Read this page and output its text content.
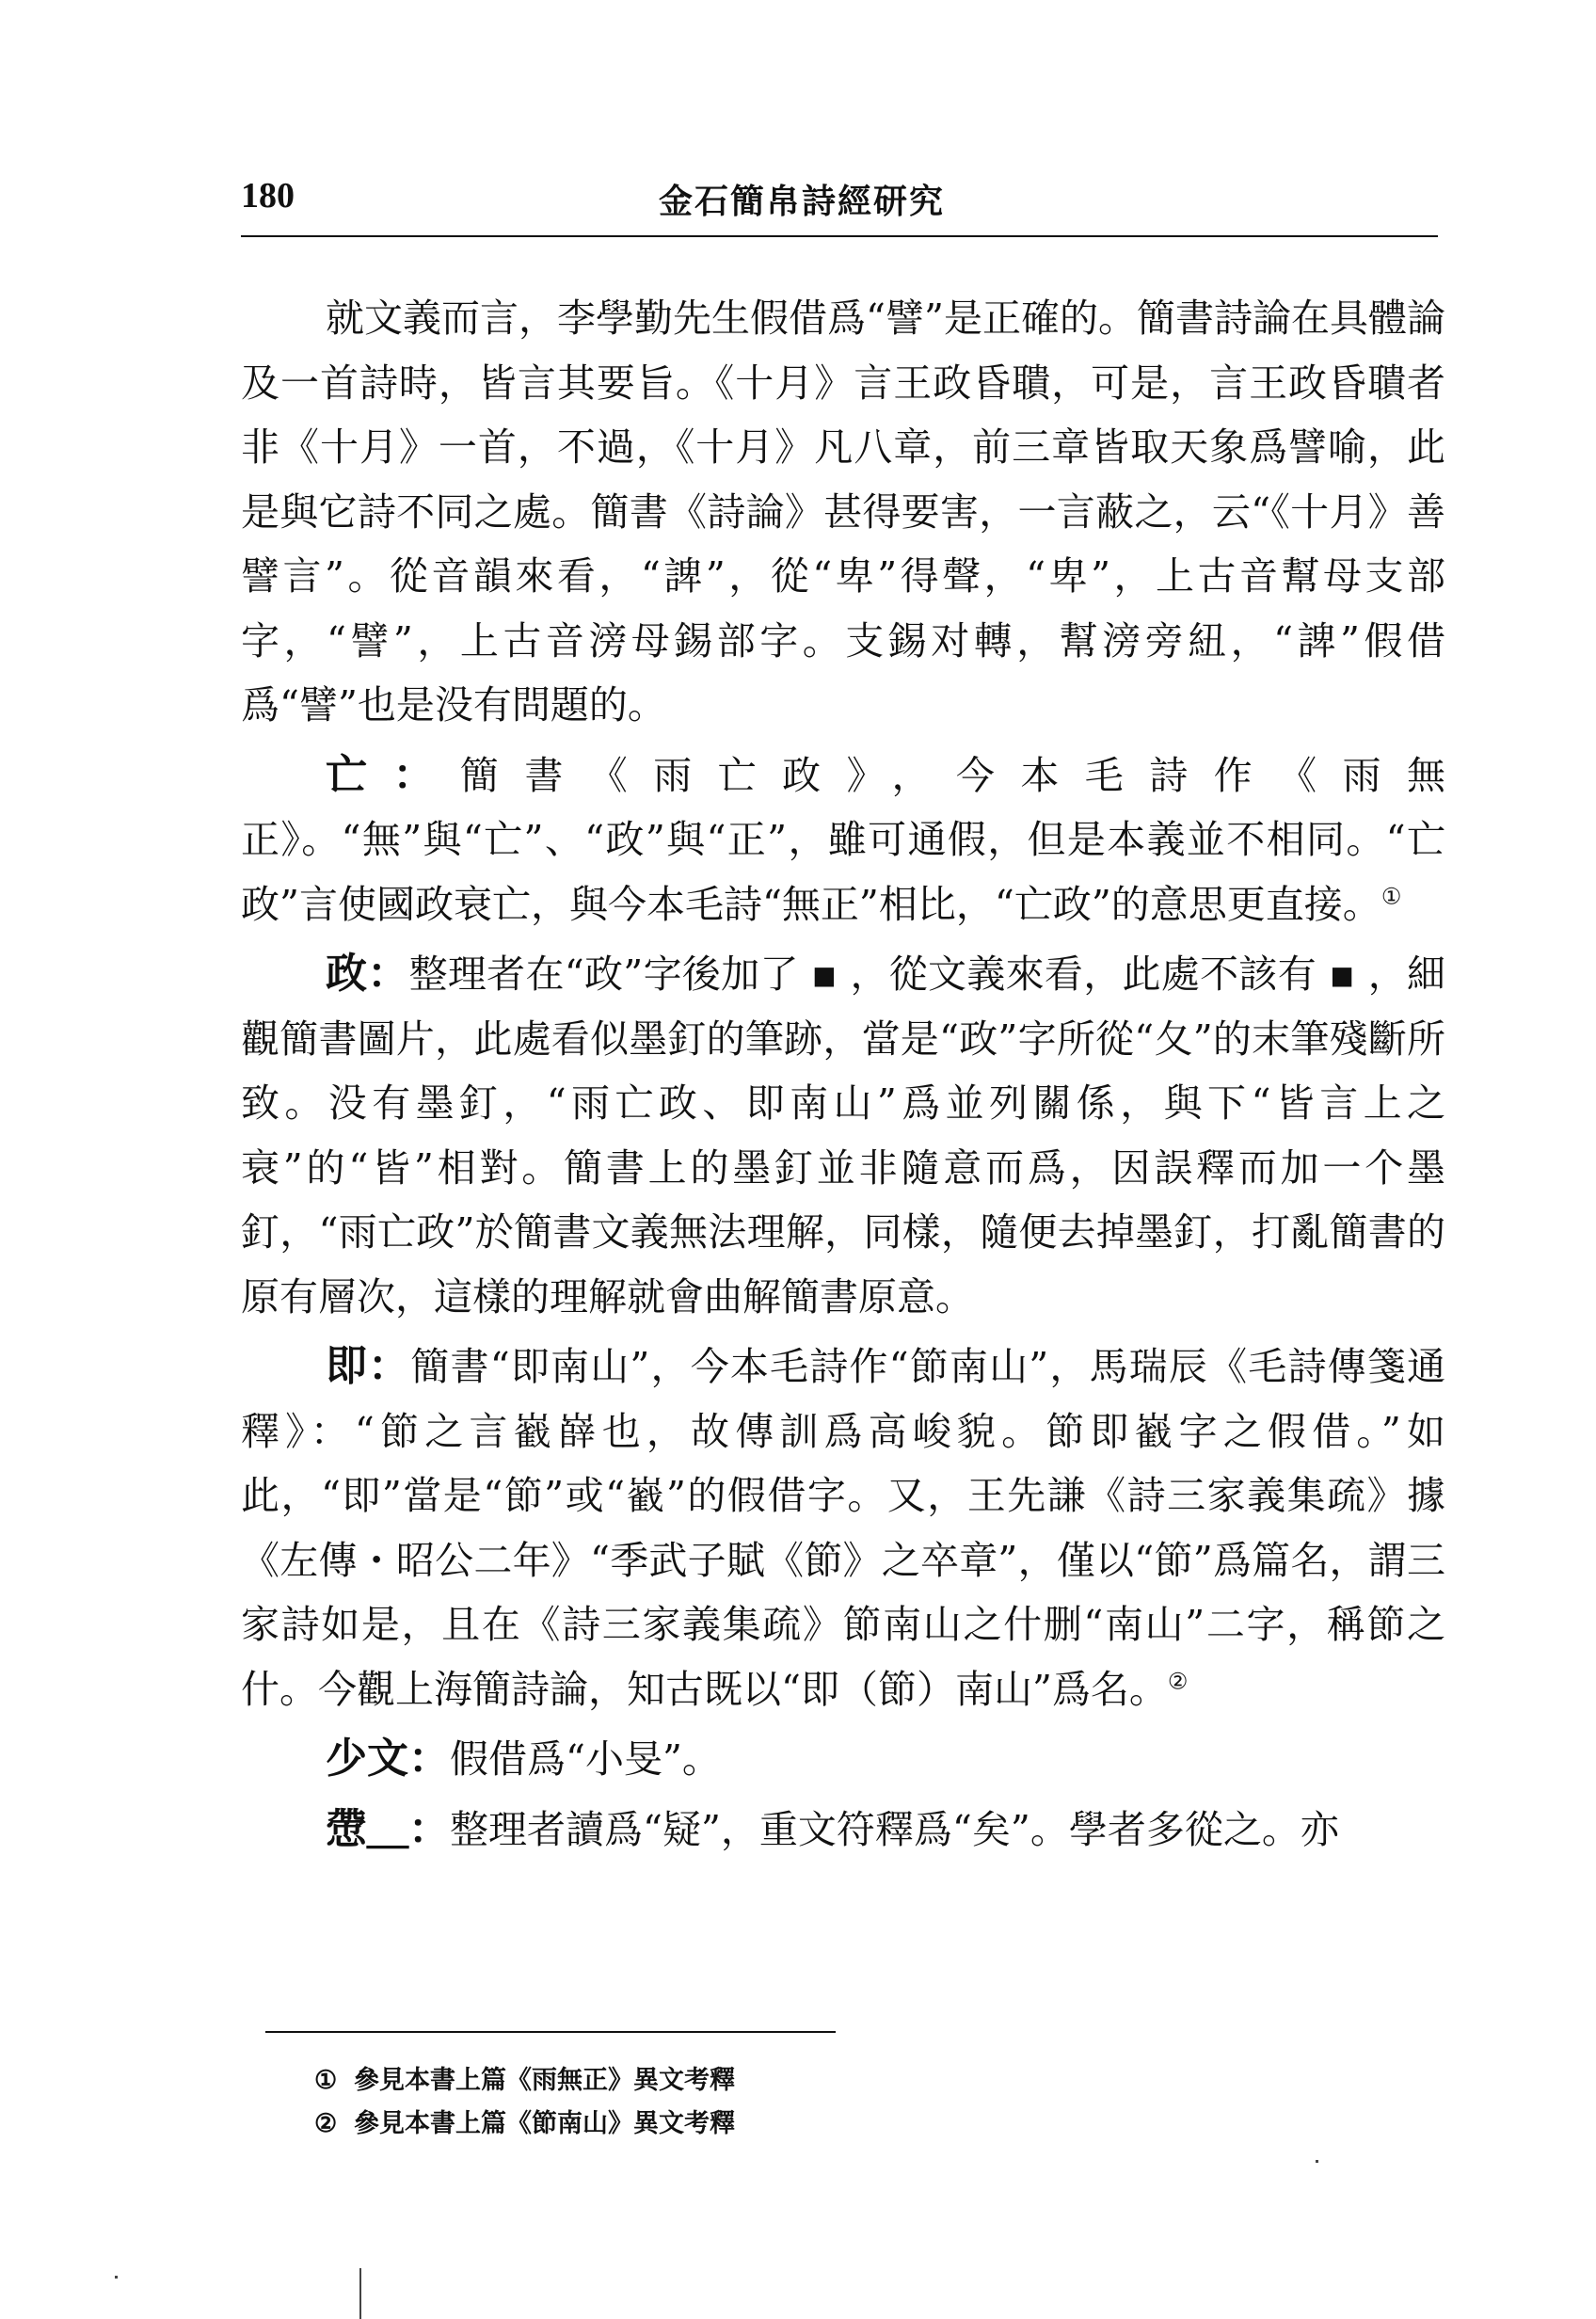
180	金石簡帛詩經研究

就文義而言，李學勤先生假借爲“譬”是正確的。簡書詩論在具體論及一首詩時，皆言其要旨。《十月》言王政昏聵，可是，言王政昏聵者非《十月》一首，不過，《十月》凡八章，前三章皆取天象爲譬喻，此是與它詩不同之處。簡書《詩論》甚得要害，一言蔽之，云“《十月》善譬言”。從音韻來看，“諀”，從“卑”得聲，“卑”，上古音幫母支部字，“譬”，上古音滂母錫部字。支錫对轉，幫滂旁紐，“諀”假借爲“譬”也是没有問題的。

亡：簡書《雨亡政》，今本毛詩作《雨無正》。“無”與“亡”、“政”與“正”，雖可通假，但是本義並不相同。“亡政”言使國政衰亡，與今本毛詩“無正”相比，“亡政”的意思更直接。①

政：整理者在“政”字後加了 ▪ ，從文義來看，此處不該有 ▪ ，細觀簡書圖片，此處看似墨釘的筆跡，當是“政”字所從“夂”的末筆殘斷所致。没有墨釘，“雨亡政、即南山”爲並列關係，與下“皆言上之衰”的“皆”相對。簡書上的墨釘並非隨意而爲，因誤釋而加一个墨釘，“雨亡政”於簡書文義無法理解，同樣，隨便去掉墨釘，打亂簡書的原有層次，這樣的理解就會曲解簡書原意。

即：簡書“即南山”，今本毛詩作“節南山”，馬瑞辰《毛詩傳箋通釋》：“節之言巀嶭也，故傳訓爲高峻貌。節即巀字之假借。”如此，“即”當是“節”或“巀”的假借字。又，王先謙《詩三家義集疏》據《左傳・昭公二年》“季武子賦《節》之卒章”，僅以“節”爲篇名，謂三家詩如是，且在《詩三家義集疏》節南山之什删“南山”二字，稱節之什。今觀上海簡詩論，知古既以“即（節）南山”爲名。②

少文：假借爲“小旻”。

慸＿：整理者讀爲“疑”，重文符釋爲“矣”。學者多從之。亦

① 參見本書上篇《雨無正》異文考釋
② 參見本書上篇《節南山》異文考釋
